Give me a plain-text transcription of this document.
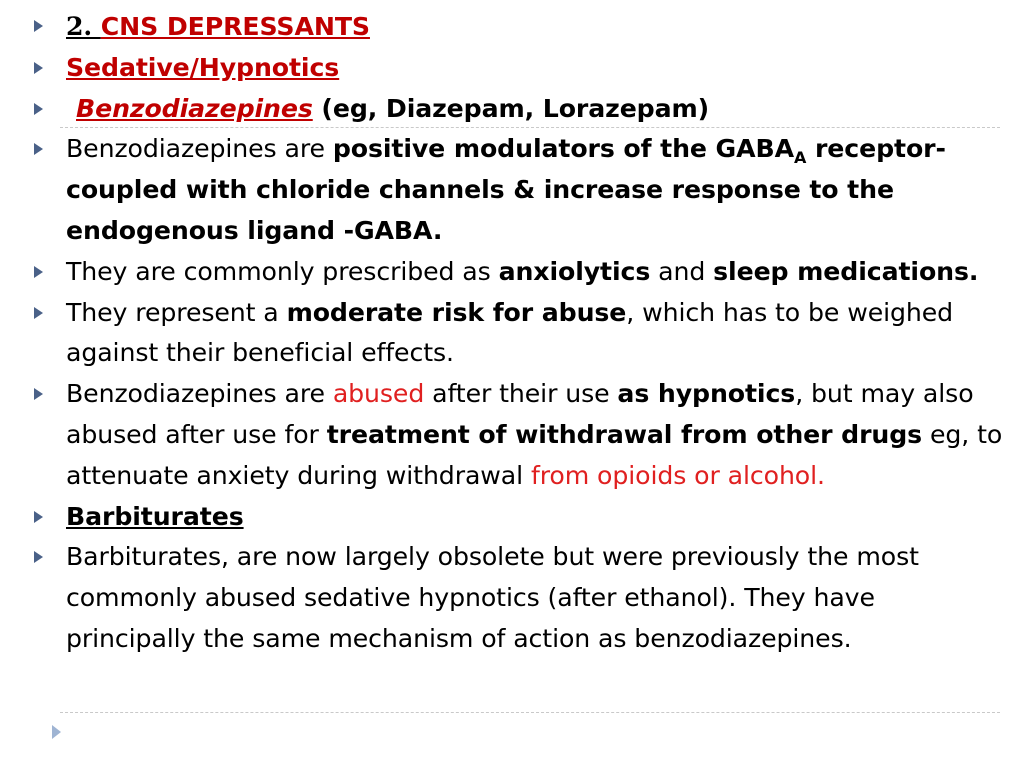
2. CNS DEPRESSANTS
Sedative/Hypnotics
Benzodiazepines (eg, Diazepam, Lorazepam)
Benzodiazepines are positive modulators of the $GABA_A$ receptor- coupled with chloride channels & increase response to the endogenous ligand -GABA.
They are commonly prescribed as anxiolytics and sleep medications.
They represent a moderate risk for abuse, which has to be weighed against their beneficial effects.
Benzodiazepines are abused after their use as hypnotics, but may also abused after use for treatment of withdrawal from other drugs eg, to attenuate anxiety during withdrawal from opioids or alcohol.
Barbiturates
Barbiturates, are now largely obsolete but were previously the most commonly abused sedative hypnotics (after ethanol). They have principally the same mechanism of action as benzodiazepines.
